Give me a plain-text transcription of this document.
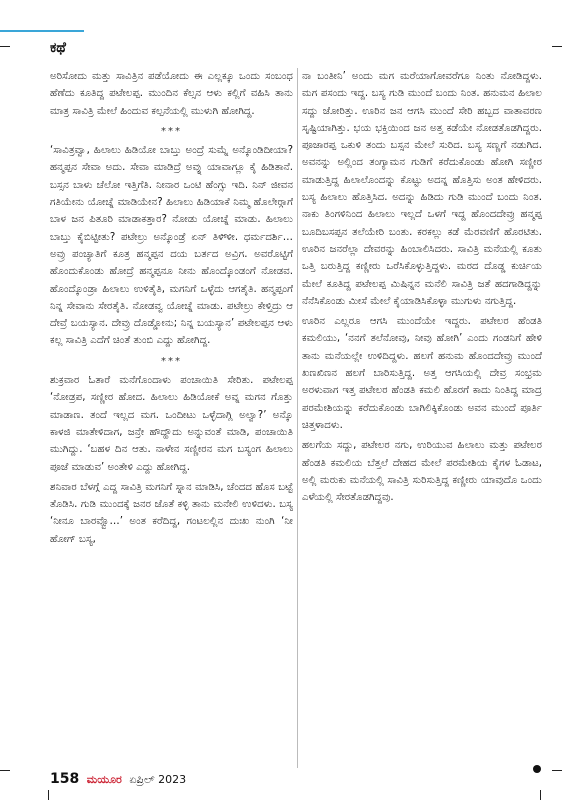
ಕಥೆ

ಅರಿಸೋದು ಮತ್ತು ಸಾವಿತ್ರಿನ ಪಡೆಯೋದು ಈ ಎಲ್ಲಕ್ಕೂ ಒಂದು ಸಂಬಂಧ ಹೆಣೆದು ಕೂತಿದ್ದ ಪಟೇಲಪ್ಪ. ಮುಂದಿನ ಕೆಲ್ಸನ ಆಳು ಕಲ್ಲಿಗೆ ವಹಿಸಿ ತಾನು ಮಾತ್ರ ಸಾವಿತ್ರಿ ಮೇಲೆ ಹಿಂದುವ ಕಲ್ಪನೆಯಲ್ಲಿ ಮುಳುಗಿ ಹೋಗಿದ್ದ.

***

‘ಸಾವಿತ್ರವ್ವಾ, ಹಿಲಾಲು ಹಿಡಿಯೋ ಬಾಬ್ತು ಅಂದ್ರೆ ಸುಮ್ನೆ ಅನ್ಕೊಂಡಿದೀಯಾ? ಹನ್ಮಪ್ಪನ ಸೇವಾ ಅದು. ಸೇವಾ ಮಾಡಿದ್ರೆ ಅವ್ನು ಯಾವಾಗ್ಲೂ ಕೈ ಹಿಡಿತಾನೆ. ಬಸ್ಸನ ಬಾಳು ಚೆಲೋ ಇತ್ತಿಗೆತಿ. ನೀನಾರ ಒಂಟಿ ಹೆಂಗ್ಸು ಇದಿ. ನಿನ್ ಜೀವನ ಗತಿಯೇನು ಯೋಚ್ನೆ ಮಾಡಿಯೇನ? ಹಿಲಾಲು ಹಿಡಿಯಾಕೆ ನಿಮ್ಮ ಹೊಲೇರ್‍ಗಾಗೆ ಬಾಳ ಜನ ಪಿತೂರಿ ಮಾಡಾಕತ್ತಾರ? ನೋಡು ಯೋಚ್ನೆ ಮಾಡು. ಹಿಲಾಲು ಬಾಬ್ತು ಕೈಬಿಟ್ಟೀತು? ಪಟೇಲ್ರು ಅನ್ಕೊಂಡ್ರೆ ಏನ್ ತಿಳಿ್ಳೀ. ಧರ್ಮದರ್ಶಿ… ಅವ್ರು ಪಂಚ್ಯಾತಿಗೆ ಕೂತ್ರ ಹನ್ಮಪ್ಪನ ದಯ ಬರ್ತದ ಅವ್ರಿಗ. ಅವರೊಟ್ಟಿಗೆ ಹೊಂದುಕೊಂಡು ಹೋದ್ರೆ ಹನ್ಮಪ್ಪನೂ ನೀನು ಹೊಂದ್ಕೊಂಡಂಗೆ ನೋಡವ. ಹೊಂದ್ಕೊಂಡ್ರಾ ಹಿಲಾಲು ಉಳಿತೈತಿ, ಮಗನಿಗೆ ಒಳ್ಳೆದು ಆಗತೈತಿ. ಹನ್ಮಪ್ಪಂಗೆ ನಿನ್ನ ಸೇವಾನು ಸೇರತೈತಿ. ನೋಡವ್ವ ಯೋಚ್ನೆ ಮಾಡು. ಪಟೇಲ್ರು ಕೇಳ್ತಿದ್ರು ಆ ದೇವ್ರೆ ಬಯಸ್ಯಾನ. ದೇವ್ರು ದೊಡ್ಡೋನು; ನಿನ್ನ ಬಯಸ್ಯಾನ’ ಪಟೇಲಪ್ಪನ ಆಳು ಕಲ್ಲ ಸಾವಿತ್ರಿ ಎದೆಗೆ ಚಿಂತೆ ತುಂಬಿ ಎದ್ದು ಹೋಗಿದ್ದ.

***

ಶುಕ್ರವಾರ ಓತಾರೆ ಮನೆಗೊಂದಾಳು ಪಂಚಾಯಿತಿ ಸೇರಿತು. ಪಟೇಲಪ್ಪ ‘ನೋಡ್ರಪ, ಸಣ್ಣೀರ ಹೋದ. ಹಿಲಾಲು ಹಿಡಿಯೋಕೆ ಅವ್ನ ಮಗನ ಗೊತ್ತು ಮಾಡಾಣ. ತಂದೆ ಇಲ್ಲದ ಮಗ. ಒಂದೀಟು ಒಳ್ಳೆದಾಗ್ಲಿ ಅಲ್ವಾ?’ ಅನ್ಕೊ ಕಾಳಜಿ ಮಾತೇಳಿದಾಗ, ಜನ್ರೇ ಹೌದ್ಹೌದು ಅನ್ನುವಂತೆ ಮಾಡಿ, ಪಂಚಾಯಿತಿ ಮುಗಿದ್ದು. ‘ಬಹಳ ದಿನ ಆತು. ನಾಳೇನ ಸಣ್ಣೀರನ ಮಗ ಬಸ್ಯಂಗ ಹಿಲಾಲು ಪೂಜೆ ಮಾಡುವ’ ಅಂತೇಳಿ ಎದ್ದು ಹೋಗಿದ್ದ.

ಶನಿವಾರ ಬೆಳಗ್ಗೆ ಎದ್ದ ಸಾವಿತ್ರಿ ಮಗನಿಗೆ ಸ್ನಾನ ಮಾಡಿಸಿ, ಚೆಂದದ ಹೊಸ ಬಟ್ಟೆ ತೊಡಿಸಿ. ಗುಡಿ ಮುಂದಕ್ಕೆ ಜನರ ಜೊತೆ ಕಳ್ಳಿ ತಾನು ಮನೇಲಿ ಉಳಿದಳು. ಬಸ್ಯ ‘ನೀನೂ ಬಾರವ್ವೊ…’ ಅಂತ ಕರೆದಿದ್ದ, ಗಂಟಲಲ್ಲಿನ ದುಃಖ ನುಂಗಿ ‘ನೀ ಹೋಗ್ ಬಸ್ಯ,

ನಾ ಬಂತೀನಿ’ ಅಂದು ಮಗ ಮರೆಯಾಗೋವರೆಗೂ ನಿಂತು ನೋಡಿದ್ದಳು. ಮಗ ಪಸಂದು ಇದ್ದ. ಬಸ್ಯ ಗುಡಿ ಮುಂದೆ ಬಂದು ನಿಂತ. ಹನುಮನ ಹಿಲಾಲ ಸದ್ದು ಜೋರಿತ್ತು. ಊರಿನ ಜನ ಆಗಸಿ ಮುಂದೆ ಸೇರಿ ಹಬ್ಬದ ವಾತಾವರಣ ಸೃಷ್ಟಿಯಾಗಿತ್ತು. ಭಯ ಭಕ್ತಿಯಿಂದ ಜನ ಅತ್ತ ಕಡೆಯೇ ನೋಡತೊಡಗಿದ್ದರು. ಪೂಜಾರಪ್ಪ ಒಕುಳಿ ತಂದು ಬಸ್ಸನ ಮೇಲೆ ಸುರಿದ. ಬಸ್ಯ ಸಣ್ಣಗೆ ನಡುಗಿದ. ಅವನನ್ನು ಅಲ್ಲಿಂದ ತಂಗ್ಯಾಮನ ಗುಡಿಗೆ ಕರೆದುಕೊಂಡು ಹೋಗಿ ಸಣ್ಣೀರ ಮಾಡುತ್ತಿದ್ದ ಹಿಲಾಲೊಂದನ್ನು ಕೊಟ್ಟು ಅದನ್ನ ಹೊತ್ತಿಸು ಅಂತ ಹೇಳಿದರು. ಬಸ್ಯ ಹಿಲಾಲು ಹೊತ್ತಿಸಿದ. ಅದನ್ನು ಹಿಡಿದು ಗುಡಿ ಮುಂದೆ ಬಂದು ನಿಂತ. ನಾಕು ತಿಂಗಳಿನಿಂದ ಹಿಲಾಲು ಇಲ್ಲದೆ ಒಳಗೆ ಇದ್ದ ಹೊಂದದೇವ್ರು ಹನ್ಮಪ್ಪ ಬೂದಿಬಸಪ್ಪನ ತಲೆಯೇರಿ ಬಂತು. ಕರಕಲ್ಲು ಕಡೆ ಮೆರವಣಿಗೆ ಹೊರಟಿತು. ಊರಿನ ಜನರೆಲ್ಲಾ ದೇವರನ್ನು ಹಿಂಬಾಲಿಸಿದರು. ಸಾವಿತ್ರಿ ಮನೆಯಲ್ಲಿ ಕೂತು ಒತ್ತಿ ಬರುತ್ತಿದ್ದ ಕಣ್ಣೀರು ಒರೆಸಿಕೊಳ್ಳುತ್ತಿದ್ದಳು. ಮರದ ದೊಡ್ಡ ಕುರ್ಚಿಯ ಮೇಲೆ ಕೂತಿದ್ದ ಪಟೇಲಪ್ಪ ಮಿಷಿನ್ನನ ಮನೆಲಿ ಸಾವಿತ್ರಿ ಜತೆ ಹದಗಾಡಿದ್ದನ್ನು ನೆನೆಸಿಕೊಂಡು ಮೀಸೆ ಮೇಲೆ ಕೈಯಾಡಿಸಿಕೊಳ್ಳಾ ಮುಗುಳು ನಗುತ್ತಿದ್ದ.

ಊರಿನ ಎಲ್ಲರೂ ಆಗಸಿ ಮುಂದೆಯೇ ಇದ್ದರು. ಪಟೇಲರ ಹೆಂಡತಿ ಕಮಲಿಯು, ‘ನನಗೆ ತಲೆನೋವು, ನೀವು ಹೋಗಿ’ ಎಂದು ಗಂಡನಿಗೆ ಹೇಳಿ ತಾನು ಮನೆಯಲ್ಲೇ ಉಳಿದಿದ್ದಳು. ಹಲಗೆ ಹನುಮ ಹೊಂದದೇವ್ರು ಮುಂದೆ ಖಣಖಿಣನ ಹಲಗೆ ಬಾರಿಸುತ್ತಿದ್ದ. ಅತ್ತ ಆಗಸಿಯಲ್ಲಿ ದೇವ್ರ ಸಂಭ್ರಮ ಅರಳುವಾಗ ಇತ್ತ ಪಟೇಲರ ಹೆಂಡತಿ ಕಮಲಿ ಹೊರಗೆ ಕಾದು ನಿಂತಿದ್ದ ಮಾದ್ರ ಪರಮೇಶಿಯನ್ನು ಕರೆದುಕೊಂಡು ಬಾಗಿಲಿಕ್ಕಿಕೊಂಡು ಅವನ ಮುಂದೆ ಪೂರ್ತಿ ಚಿತ್ತಳಾದಳು.

ಹಲಗೆಯ ಸದ್ದು, ಪಟೇಲರ ನಗು, ಉರಿಯುವ ಹಿಲಾಲು ಮತ್ತು ಪಟೇಲರ ಹೆಂಡತಿ ಕಮಲಿಯ ಬೆತ್ತಲೆ ದೇಹದ ಮೇಲೆ ಪರಮೇಶಿಯ ಕೈಗಳ ಓಡಾಟ, ಅಲ್ಲಿ ಮರುಕು ಮನೆಯಲ್ಲಿ ಸಾವಿತ್ರಿ ಸುರಿಸುತ್ತಿದ್ದ ಕಣ್ಣೀರು ಯಾವುದೊ ಒಂದು ಎಳೆಯಲ್ಲಿ ಸೇರತೊಡಗಿದ್ದವು.

158 ಮಯೂರ ಏಪ್ರಿಲ್ 2023
